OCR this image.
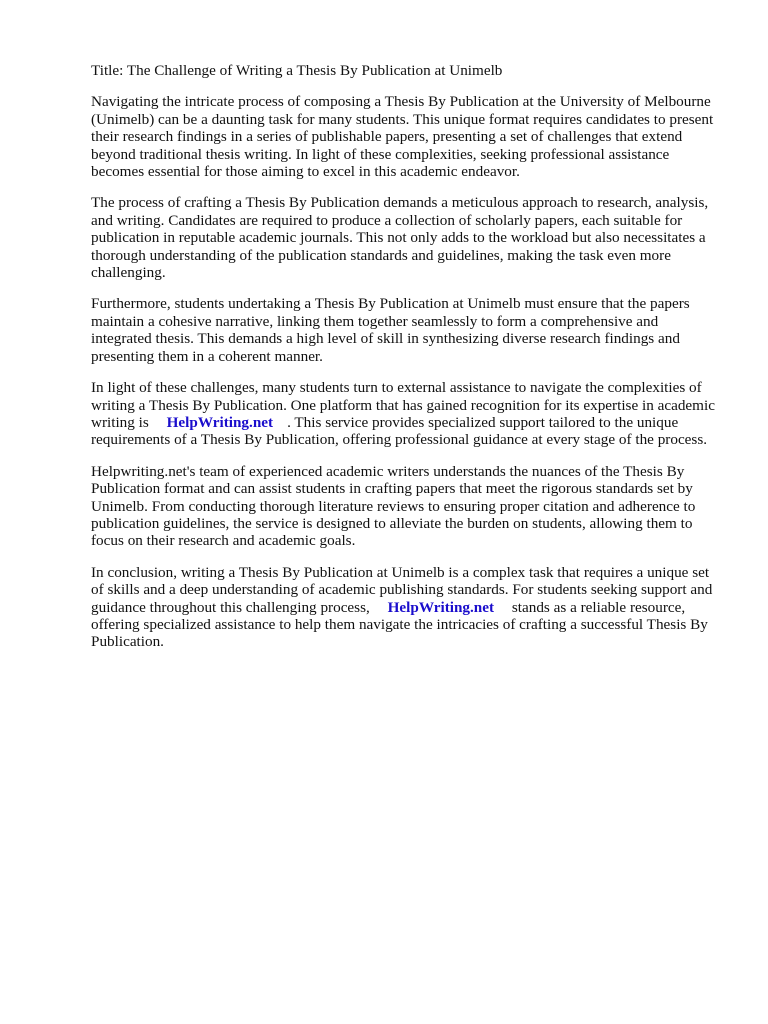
Title: The Challenge of Writing a Thesis By Publication at Unimelb

Navigating the intricate process of composing a Thesis By Publication at the University of Melbourne (Unimelb) can be a daunting task for many students. This unique format requires candidates to present their research findings in a series of publishable papers, presenting a set of challenges that extend beyond traditional thesis writing. In light of these complexities, seeking professional assistance becomes essential for those aiming to excel in this academic endeavor.

The process of crafting a Thesis By Publication demands a meticulous approach to research, analysis, and writing. Candidates are required to produce a collection of scholarly papers, each suitable for publication in reputable academic journals. This not only adds to the workload but also necessitates a thorough understanding of the publication standards and guidelines, making the task even more challenging.

Furthermore, students undertaking a Thesis By Publication at Unimelb must ensure that the papers maintain a cohesive narrative, linking them together seamlessly to form a comprehensive and integrated thesis. This demands a high level of skill in synthesizing diverse research findings and presenting them in a coherent manner.

In light of these challenges, many students turn to external assistance to navigate the complexities of writing a Thesis By Publication. One platform that has gained recognition for its expertise in academic writing is HelpWriting.net . This service provides specialized support tailored to the unique requirements of a Thesis By Publication, offering professional guidance at every stage of the process.

Helpwriting.net's team of experienced academic writers understands the nuances of the Thesis By Publication format and can assist students in crafting papers that meet the rigorous standards set by Unimelb. From conducting thorough literature reviews to ensuring proper citation and adherence to publication guidelines, the service is designed to alleviate the burden on students, allowing them to focus on their research and academic goals.

In conclusion, writing a Thesis By Publication at Unimelb is a complex task that requires a unique set of skills and a deep understanding of academic publishing standards. For students seeking support and guidance throughout this challenging process, HelpWriting.net stands as a reliable resource, offering specialized assistance to help them navigate the intricacies of crafting a successful Thesis By Publication.
